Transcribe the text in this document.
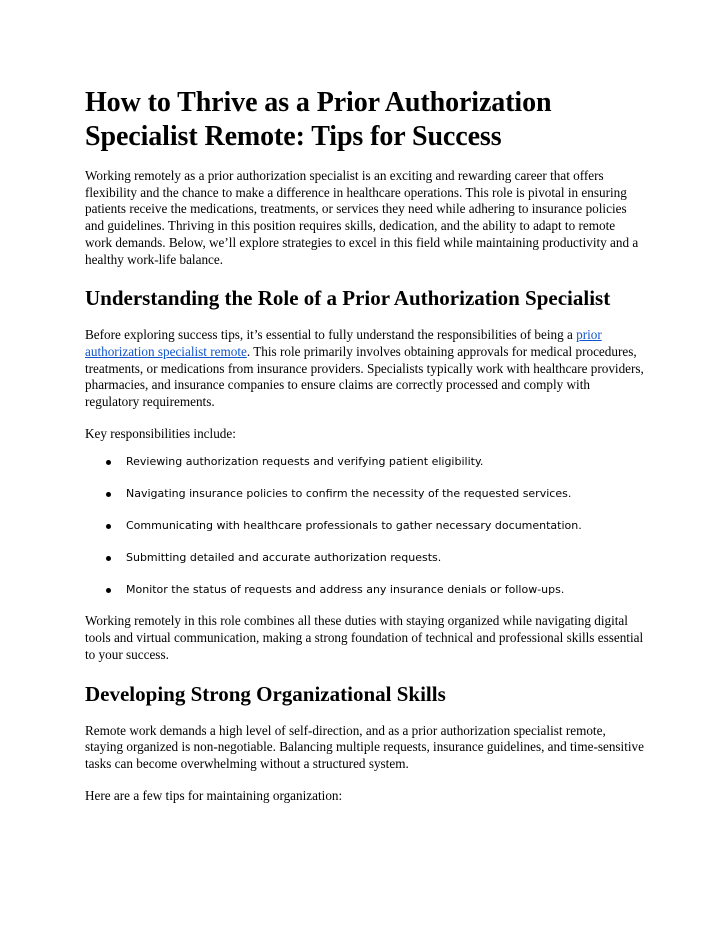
How to Thrive as a Prior Authorization Specialist Remote: Tips for Success

Working remotely as a prior authorization specialist is an exciting and rewarding career that offers flexibility and the chance to make a difference in healthcare operations. This role is pivotal in ensuring patients receive the medications, treatments, or services they need while adhering to insurance policies and guidelines. Thriving in this position requires skills, dedication, and the ability to adapt to remote work demands. Below, we’ll explore strategies to excel in this field while maintaining productivity and a healthy work-life balance.

Understanding the Role of a Prior Authorization Specialist

Before exploring success tips, it’s essential to fully understand the responsibilities of being a prior authorization specialist remote. This role primarily involves obtaining approvals for medical procedures, treatments, or medications from insurance providers. Specialists typically work with healthcare providers, pharmacies, and insurance companies to ensure claims are correctly processed and comply with regulatory requirements.

Key responsibilities include:

Reviewing authorization requests and verifying patient eligibility.
Navigating insurance policies to confirm the necessity of the requested services.
Communicating with healthcare professionals to gather necessary documentation.
Submitting detailed and accurate authorization requests.
Monitor the status of requests and address any insurance denials or follow-ups.

Working remotely in this role combines all these duties with staying organized while navigating digital tools and virtual communication, making a strong foundation of technical and professional skills essential to your success.

Developing Strong Organizational Skills

Remote work demands a high level of self-direction, and as a prior authorization specialist remote, staying organized is non-negotiable. Balancing multiple requests, insurance guidelines, and time-sensitive tasks can become overwhelming without a structured system.

Here are a few tips for maintaining organization:
